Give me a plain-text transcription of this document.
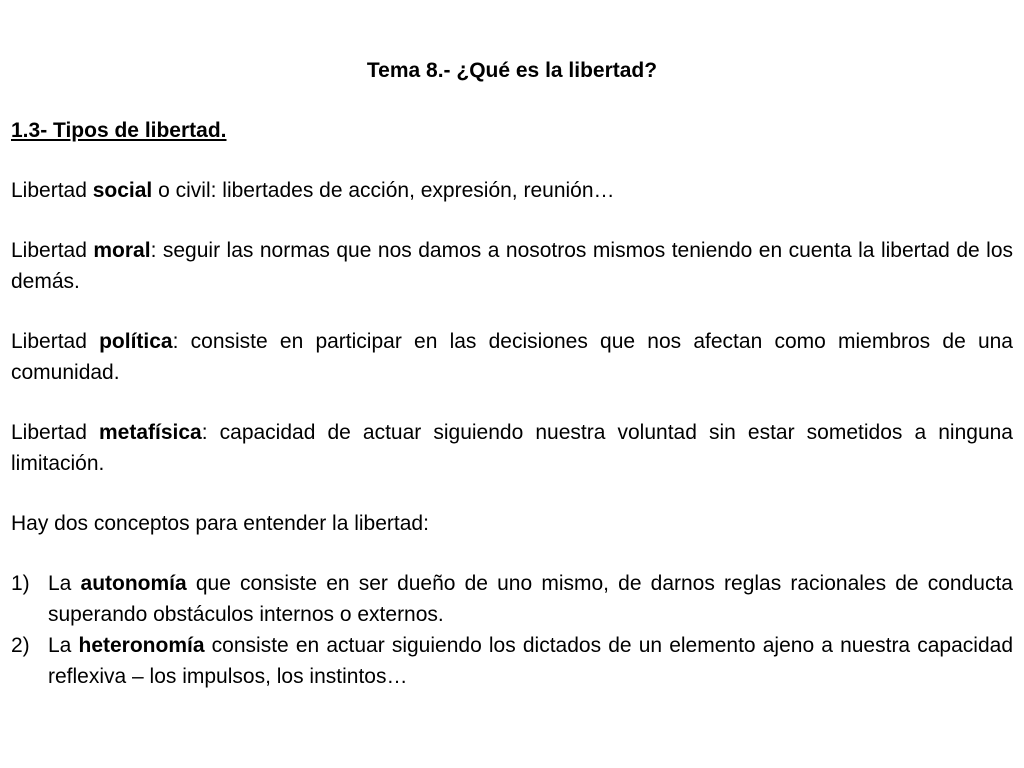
Tema 8.- ¿Qué es la libertad?

1.3- Tipos de libertad.

Libertad social o civil: libertades de acción, expresión, reunión…

Libertad moral: seguir las normas que nos damos a nosotros mismos teniendo en cuenta la libertad de los demás.

Libertad política: consiste en participar en las decisiones que nos afectan como miembros de una comunidad.

Libertad metafísica: capacidad de actuar siguiendo nuestra voluntad sin estar sometidos a ninguna limitación.

Hay dos conceptos para entender la libertad:

1) La autonomía que consiste en ser dueño de uno mismo, de darnos reglas racionales de conducta superando obstáculos internos o externos.
2) La heteronomía consiste en actuar siguiendo los dictados de un elemento ajeno a nuestra capacidad reflexiva – los impulsos, los instintos…
